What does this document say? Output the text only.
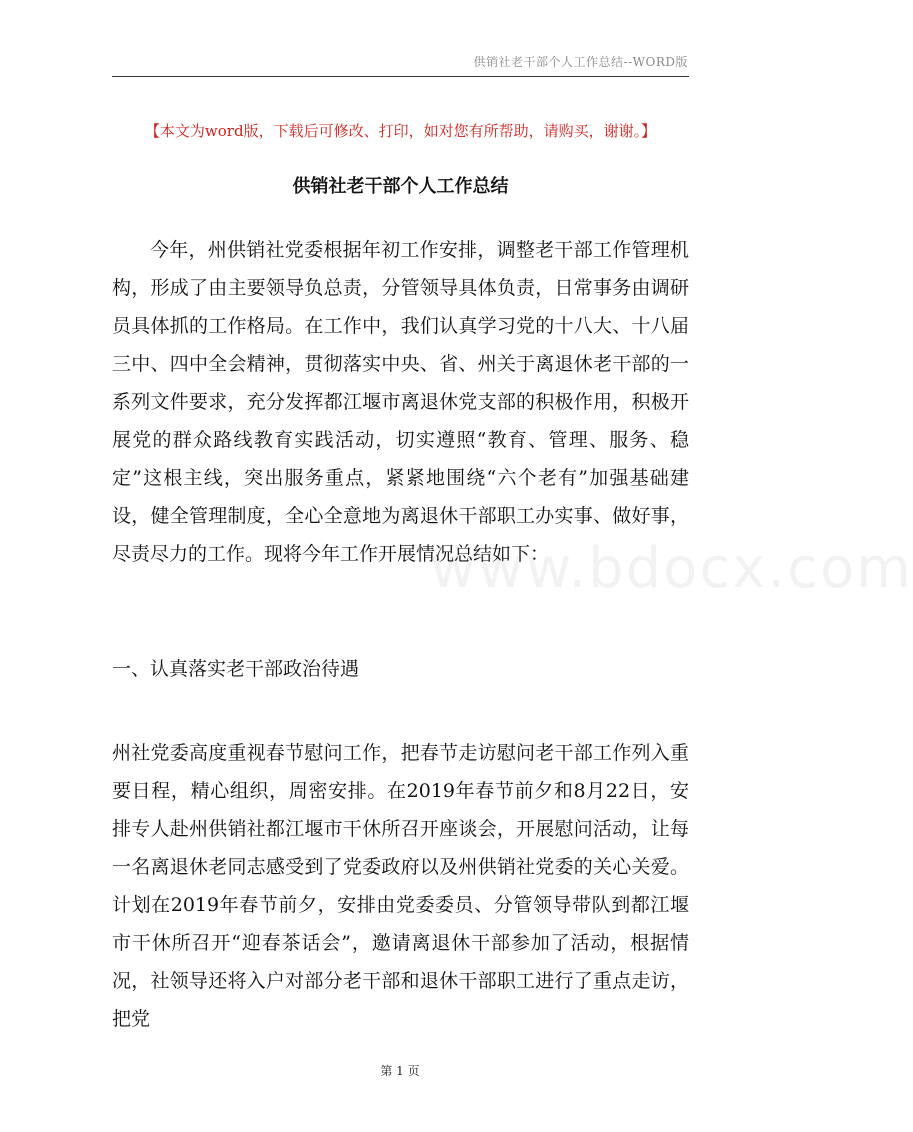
供销社老干部个人工作总结--WORD版
【本文为word版，下载后可修改、打印，如对您有所帮助，请购买，谢谢。】
供销社老干部个人工作总结

今年，州供销社党委根据年初工作安排，调整老干部工作管理机构，形成了由主要领导负总责，分管领导具体负责，日常事务由调研员具体抓的工作格局。在工作中，我们认真学习党的十八大、十八届三中、四中全会精神，贯彻落实中央、省、州关于离退休老干部的一系列文件要求，充分发挥都江堰市离退休党支部的积极作用，积极开展党的群众路线教育实践活动，切实遵照“教育、管理、服务、稳定”这根主线，突出服务重点，紧紧地围绕“六个老有”加强基础建设，健全管理制度，全心全意地为离退休干部职工办实事、做好事，尽责尽力的工作。现将今年工作开展情况总结如下：

www.bdocx.com

一、认真落实老干部政治待遇

州社党委高度重视春节慰问工作，把春节走访慰问老干部工作列入重要日程，精心组织，周密安排。在2019年春节前夕和8月22日，安排专人赴州供销社都江堰市干休所召开座谈会，开展慰问活动，让每一名离退休老同志感受到了党委政府以及州供销社党委的关心关爱。计划在2019年春节前夕，安排由党委委员、分管领导带队到都江堰市干休所召开“迎春茶话会”，邀请离退休干部参加了活动，根据情况，社领导还将入户对部分老干部和退休干部职工进行了重点走访，把党

第 1 页
